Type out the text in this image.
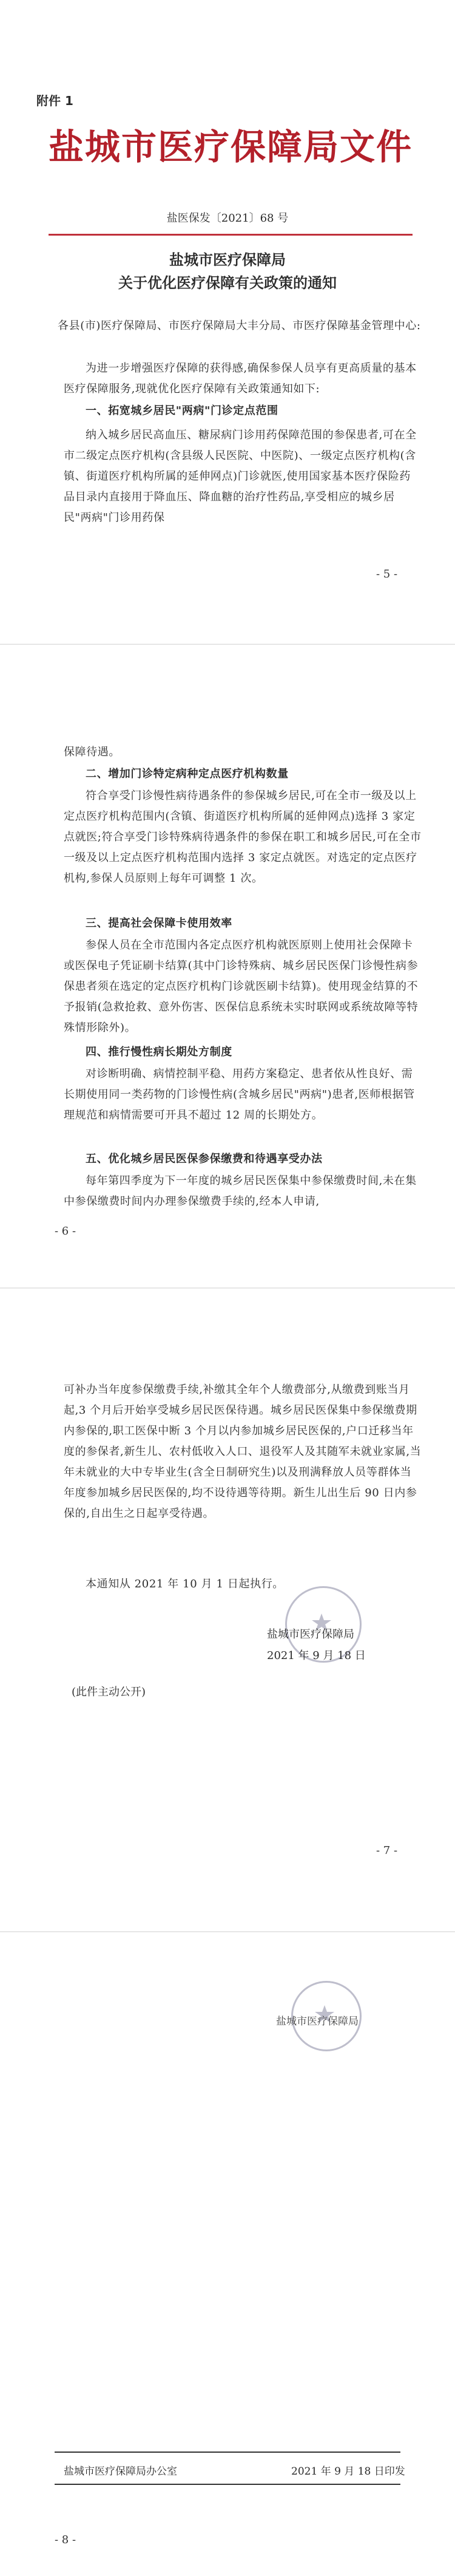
附件 1
盐城市医疗保障局文件
盐医保发〔2021〕68 号
盐城市医疗保障局
关于优化医疗保障有关政策的通知
各县(市)医疗保障局、市医疗保障局大丰分局、市医疗保障基金管理中心:
为进一步增强医疗保障的获得感,确保参保人员享有更高质量的基本医疗保障服务,现就优化医疗保障有关政策通知如下:
一、拓宽城乡居民"两病"门诊定点范围
纳入城乡居民高血压、糖尿病门诊用药保障范围的参保患者,可在全市二级定点医疗机构(含县级人民医院、中医院)、一级定点医疗机构(含镇、街道医疗机构所属的延伸网点)门诊就医,使用国家基本医疗保险药品目录内直接用于降血压、降血糖的治疗性药品,享受相应的城乡居民"两病"门诊用药保
- 5 -
保障待遇。
二、增加门诊特定病种定点医疗机构数量
符合享受门诊慢性病待遇条件的参保城乡居民,可在全市一级及以上定点医疗机构范围内(含镇、街道医疗机构所属的延伸网点)选择 3 家定点就医;符合享受门诊特殊病待遇条件的参保在职工和城乡居民,可在全市一级及以上定点医疗机构范围内选择 3 家定点就医。对选定的定点医疗机构,参保人员原则上每年可调整 1 次。
三、提高社会保障卡使用效率
参保人员在全市范围内各定点医疗机构就医原则上使用社会保障卡或医保电子凭证刷卡结算(其中门诊特殊病、城乡居民医保门诊慢性病参保患者须在选定的定点医疗机构门诊就医刷卡结算)。使用现金结算的不予报销(急救抢救、意外伤害、医保信息系统未实时联网或系统故障等特殊情形除外)。
四、推行慢性病长期处方制度
对诊断明确、病情控制平稳、用药方案稳定、患者依从性良好、需长期使用同一类药物的门诊慢性病(含城乡居民"两病")患者,医师根据管理规范和病情需要可开具不超过 12 周的长期处方。
五、优化城乡居民医保参保缴费和待遇享受办法
每年第四季度为下一年度的城乡居民医保集中参保缴费时间,未在集中参保缴费时间内办理参保缴费手续的,经本人申请,
- 6 -
可补办当年度参保缴费手续,补缴其全年个人缴费部分,从缴费到账当月起,3 个月后开始享受城乡居民医保待遇。城乡居民医保集中参保缴费期内参保的,职工医保中断 3 个月以内参加城乡居民医保的,户口迁移当年度的参保者,新生儿、农村低收入人口、退役军人及其随军未就业家属,当年未就业的大中专毕业生(含全日制研究生)以及刑满释放人员等群体当年度参加城乡居民医保的,均不设待遇等待期。新生儿出生后 90 日内参保的,自出生之日起享受待遇。
本通知从 2021 年 10 月 1 日起执行。
盐城市医疗保障局
2021 年 9 月 18 日
(此件主动公开)
- 7 -
盐城市医疗保障局
盐城市医疗保障局办公室	2021 年 9 月 18 日印发
- 8 -
